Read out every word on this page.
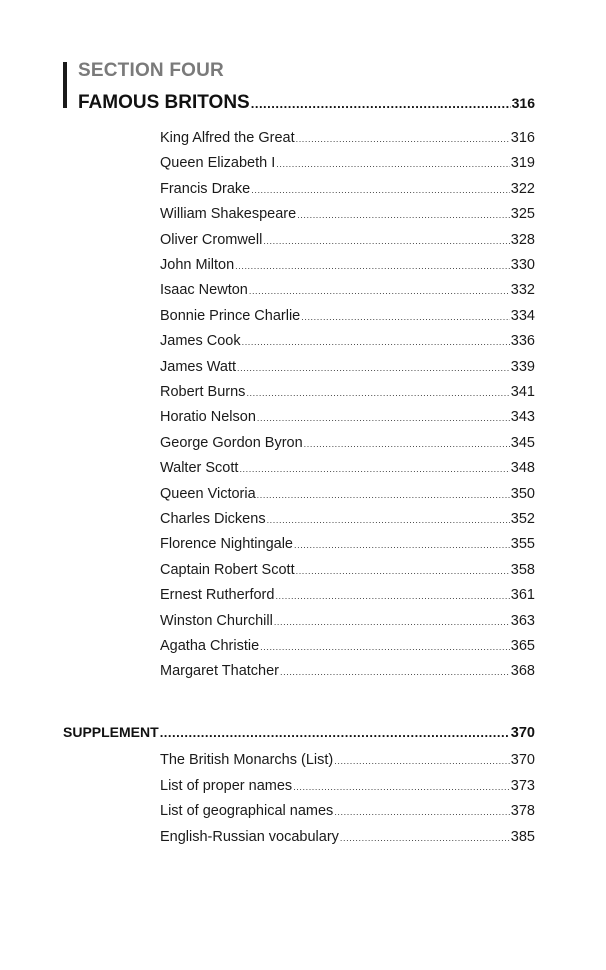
SECTION FOUR
FAMOUS BRITONS .....	316
King Alfred the Great .....	316
Queen Elizabeth I .....	319
Francis Drake .....	322
William Shakespeare .....	325
Oliver Cromwell .....	328
John Milton .....	330
Isaac Newton .....	332
Bonnie Prince Charlie .....	334
James Cook .....	336
James Watt .....	339
Robert Burns .....	341
Horatio Nelson .....	343
George Gordon Byron .....	345
Walter Scott .....	348
Queen Victoria .....	350
Charles Dickens .....	352
Florence Nightingale .....	355
Captain Robert Scott .....	358
Ernest Rutherford .....	361
Winston Churchill .....	363
Agatha Christie .....	365
Margaret Thatcher .....	368
SUPPLEMENT .....	370
The British Monarchs (List) .....	370
List of proper names .....	373
List of geographical names .....	378
English-Russian vocabulary .....	385
